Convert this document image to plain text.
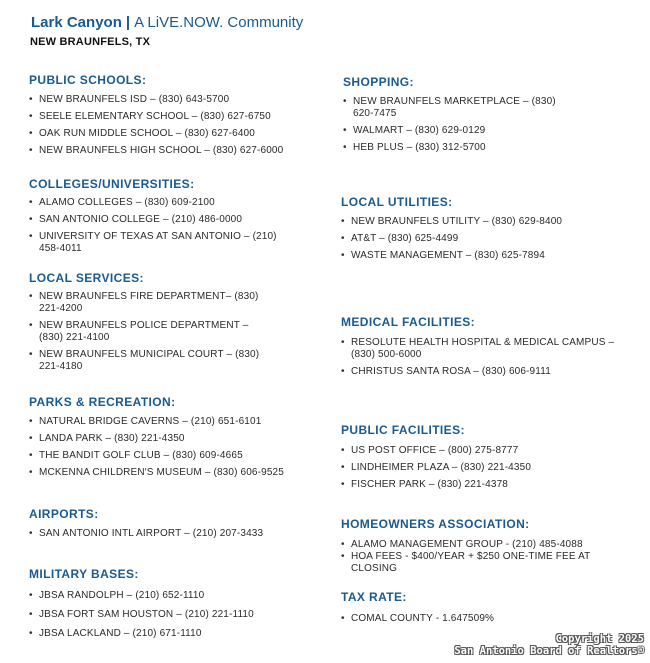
Lark Canyon | A LiVE.NOW. Community
NEW BRAUNFELS, TX
PUBLIC SCHOOLS:
• NEW BRAUNFELS ISD – (830) 643-5700
• SEELE ELEMENTARY SCHOOL – (830) 627-6750
• OAK RUN MIDDLE SCHOOL – (830) 627-6400
• NEW BRAUNFELS HIGH SCHOOL – (830) 627-6000
COLLEGES/UNIVERSITIES:
• ALAMO COLLEGES – (830) 609-2100
• SAN ANTONIO COLLEGE – (210) 486-0000
• UNIVERSITY OF TEXAS AT SAN ANTONIO – (210) 458-4011
LOCAL SERVICES:
• NEW BRAUNFELS FIRE DEPARTMENT– (830) 221-4200
• NEW BRAUNFELS POLICE DEPARTMENT – (830) 221-4100
• NEW BRAUNFELS MUNICIPAL COURT – (830) 221-4180
PARKS & RECREATION:
• NATURAL BRIDGE CAVERNS – (210) 651-6101
• LANDA PARK – (830) 221-4350
• THE BANDIT GOLF CLUB – (830) 609-4665
• MCKENNA CHILDREN'S MUSEUM – (830) 606-9525
AIRPORTS:
• SAN ANTONIO INTL AIRPORT – (210) 207-3433
MILITARY BASES:
• JBSA RANDOLPH – (210) 652-1110
• JBSA FORT SAM HOUSTON – (210) 221-1110
• JBSA LACKLAND – (210) 671-1110
SHOPPING:
• NEW BRAUNFELS MARKETPLACE – (830) 620-7475
• WALMART – (830) 629-0129
• HEB PLUS – (830) 312-5700
LOCAL UTILITIES:
• NEW BRAUNFELS UTILITY – (830) 629-8400
• AT&T – (830) 625-4499
• WASTE MANAGEMENT – (830) 625-7894
MEDICAL FACILITIES:
• RESOLUTE HEALTH HOSPITAL & MEDICAL CAMPUS – (830) 500-6000
• CHRISTUS SANTA ROSA – (830) 606-9111
PUBLIC FACILITIES:
• US POST OFFICE – (800) 275-8777
• LINDHEIMER PLAZA – (830) 221-4350
• FISCHER PARK – (830) 221-4378
HOMEOWNERS ASSOCIATION:
• ALAMO MANAGEMENT GROUP - (210) 485-4088
• HOA FEES - $400/YEAR + $250 ONE-TIME FEE AT CLOSING
TAX RATE:
• COMAL COUNTY - 1.647509%
Copyright 2025
San Antonio Board of Realtors®
